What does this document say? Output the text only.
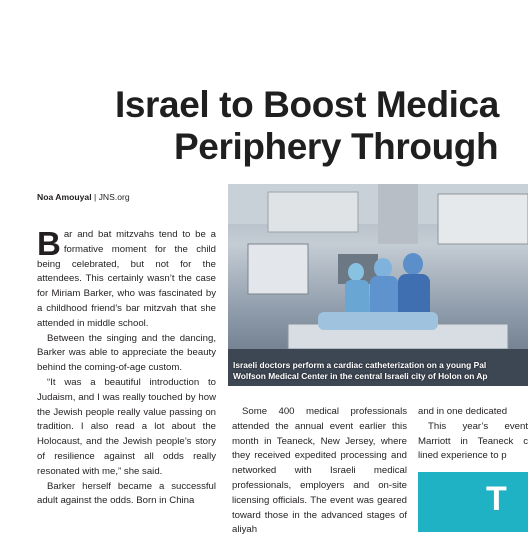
Israel to Boost Medica
Periphery Through
Noa Amouyal | JNS.org

Bar and bat mitzvahs tend to be a formative moment for the child being celebrated, but not for the attendees. This certainly wasn’t the case for Miriam Barker, who was fascinated by a childhood friend’s bar mitzvah that she attended in middle school.

Between the singing and the dancing, Barker was able to appreciate the beauty behind the coming-of-age custom.

“It was a beautiful introduction to Judaism, and I was really touched by how the Jewish people really value passing on tradition. I also read a lot about the Holocaust, and the Jewish people’s story of resilience against all odds really resonated with me,” she said.

Barker herself became a successful adult against the odds. Born in China

Israeli doctors perform a cardiac catheterization on a young Pal
Wolfson Medical Center in the central Israeli city of Holon on Ap

Some 400 medical professionals attended the annual event earlier this month in Teaneck, New Jersey, where they received expedited processing and networked with Israeli medical professionals, employers and on-site licensing officials. The event was geared toward those in the advanced stages of aliyah

and in one dedicated

This year’s event Marriott in Teaneck c lined experience to p

T
